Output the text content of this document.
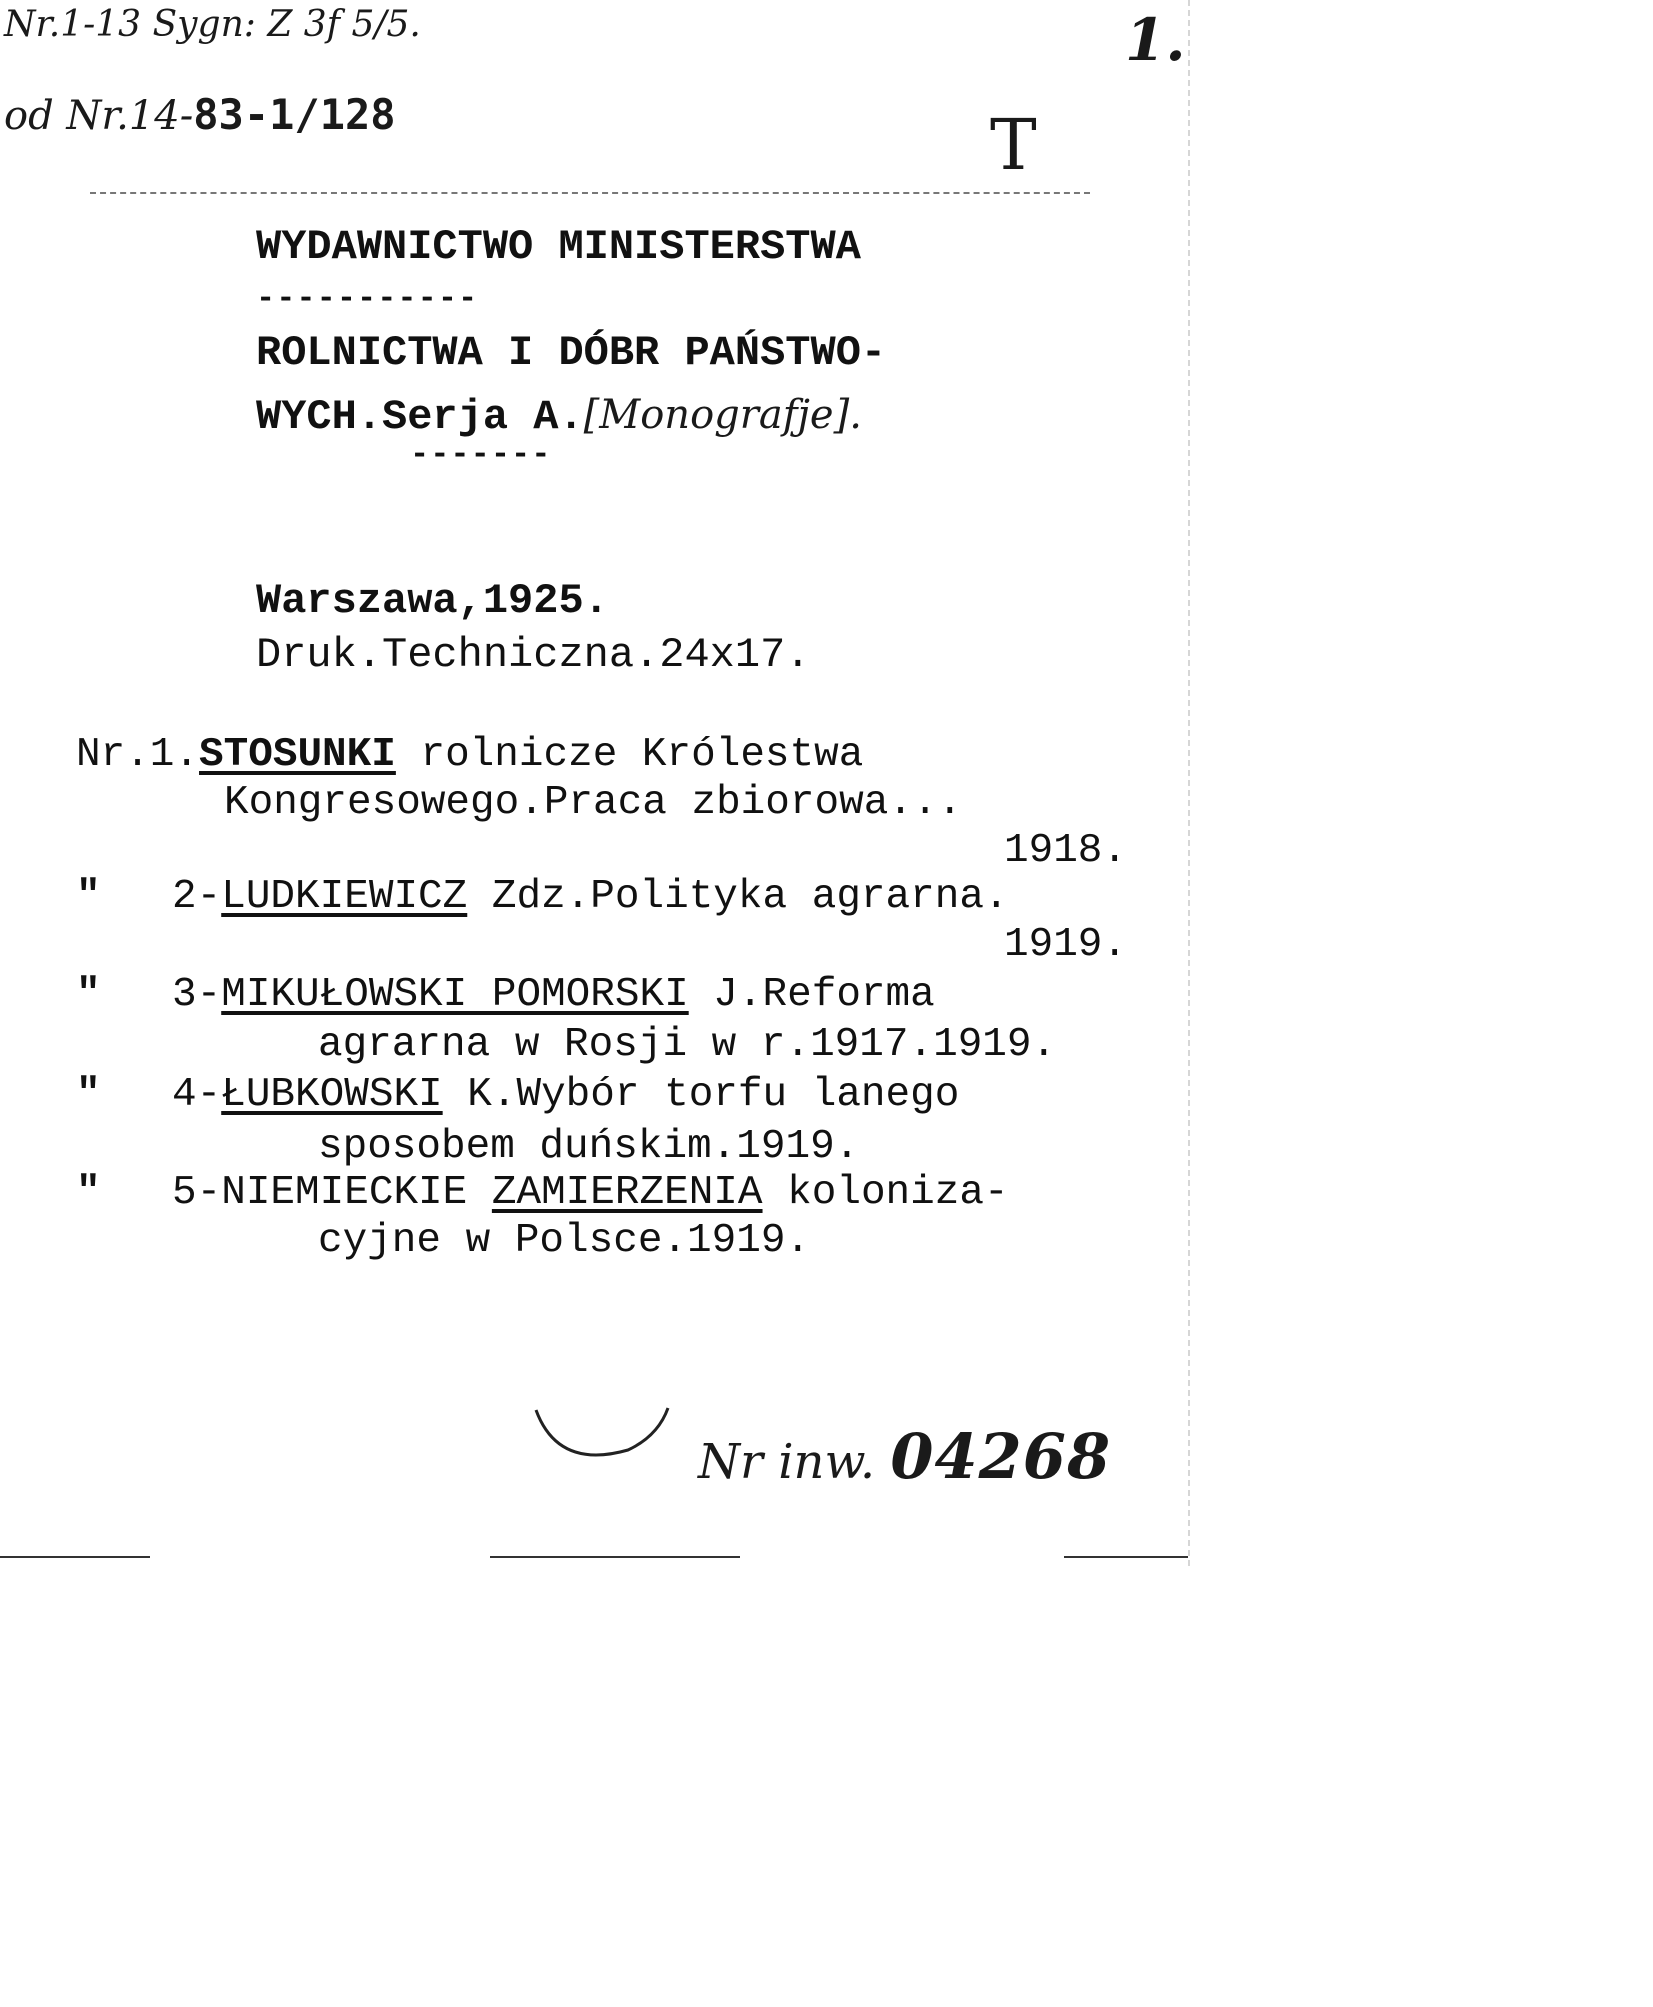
Nr.1-13 Sygn: Z 3f 5/5.
od Nr.14-83-1/128
1.
T
WYDAWNICTWO MINISTERSTWA
-----------
ROLNICTWA I DÓBR PAŃSTWO-
WYCH.Serja A.[Monografje].
-------
Warszawa,1925.
Druk.Techniczna.24x17.
Nr.1.STOSUNKI rolnicze Królestwa
Kongresowego.Praca zbiorowa...
1918.
" 2-LUDKIEWICZ Zdz.Polityka agrarna.
1919.
" 3-MIKUŁOWSKI POMORSKI J.Reforma
agrarna w Rosji w r.1917.1919.
" 4-ŁUBKOWSKI K.Wybór torfu lanego
sposobem duńskim.1919.
" 5-NIEMIECKIE ZAMIERZENIA koloniza-
cyjne w Polsce.1919.
Nr inw. 04268
